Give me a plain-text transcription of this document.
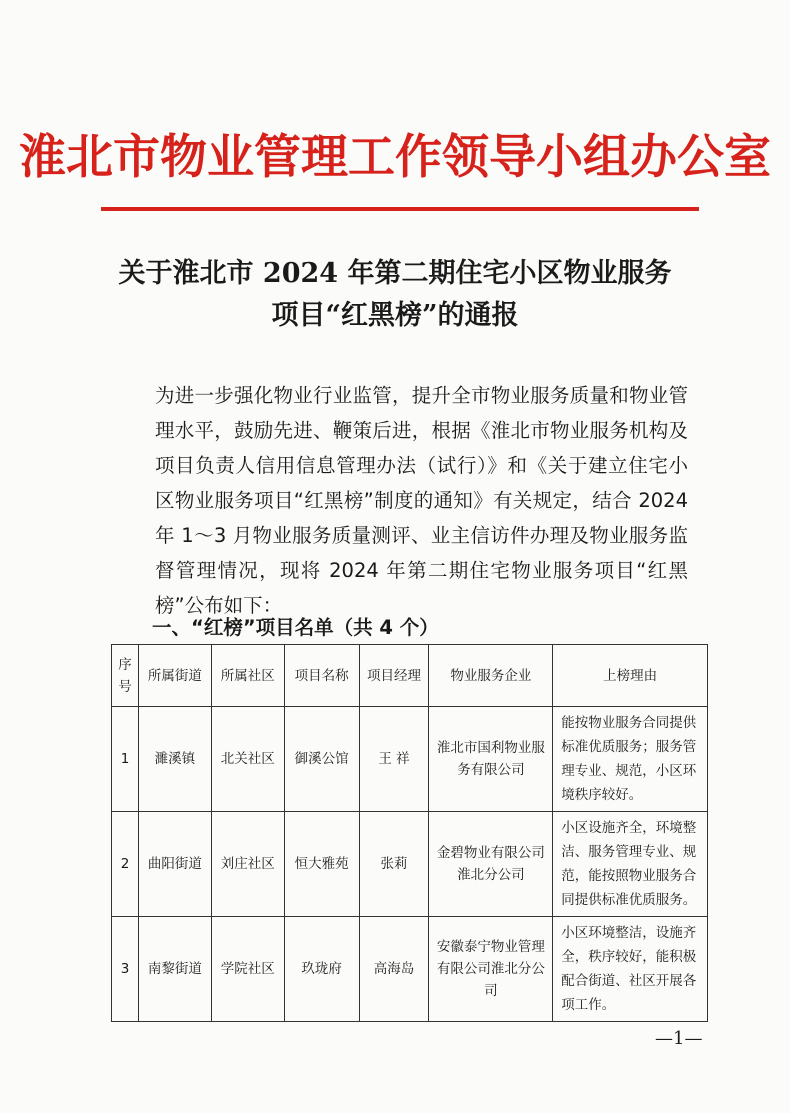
淮北市物业管理工作领导小组办公室
关于淮北市 2024 年第二期住宅小区物业服务
项目“红黑榜”的通报
为进一步强化物业行业监管，提升全市物业服务质量和物业管理水平，鼓励先进、鞭策后进，根据《淮北市物业服务机构及项目负责人信用信息管理办法（试行）》和《关于建立住宅小区物业服务项目“红黑榜”制度的通知》有关规定，结合 2024 年 1～3 月物业服务质量测评、业主信访件办理及物业服务监督管理情况，现将 2024 年第二期住宅物业服务项目“红黑榜”公布如下：
一、“红榜”项目名单（共 4 个）
序号	所属街道	所属社区	项目名称	项目经理	物业服务企业	上榜理由
1	濉溪镇	北关社区	御溪公馆	王 祥	淮北市国利物业服务有限公司	能按物业服务合同提供标准优质服务；服务管理专业、规范，小区环境秩序较好。
2	曲阳街道	刘庄社区	恒大雅苑	张莉	金碧物业有限公司淮北分公司	小区设施齐全，环境整洁、服务管理专业、规范，能按照物业服务合同提供标准优质服务。
3	南黎街道	学院社区	玖珑府	高海岛	安徽泰宁物业管理有限公司淮北分公司	小区环境整洁，设施齐全，秩序较好，能积极配合街道、社区开展各项工作。
—1—
